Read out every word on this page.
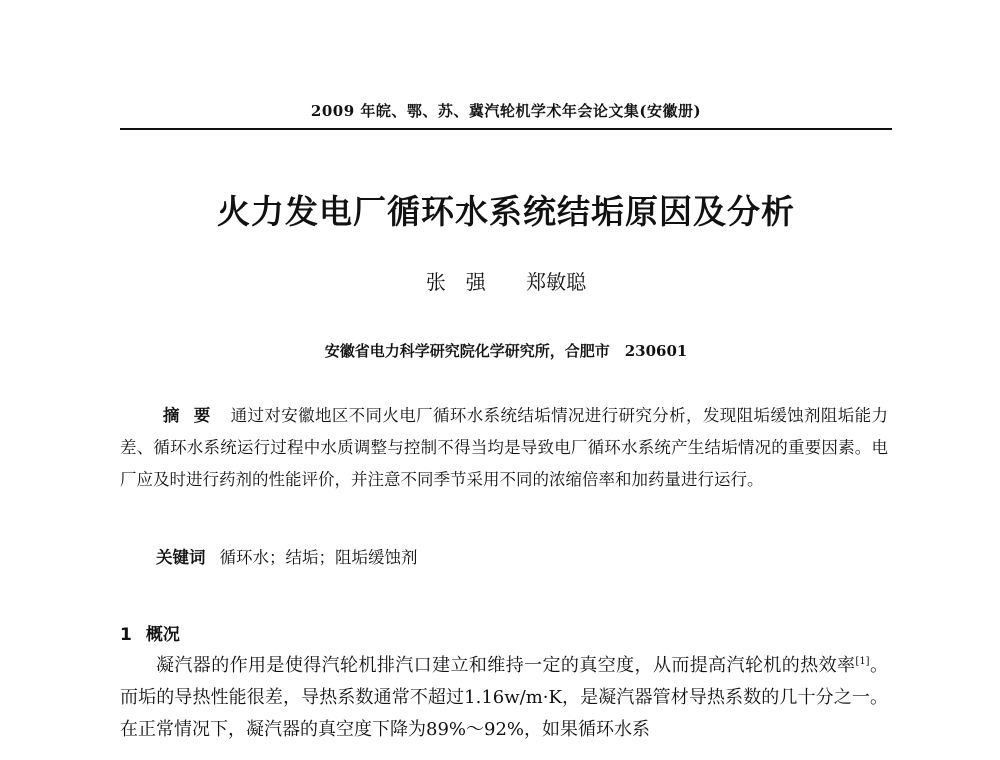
2009 年皖、鄂、苏、冀汽轮机学术年会论文集(安徽册)
火力发电厂循环水系统结垢原因及分析
张　强 郑敏聪
安徽省电力科学研究院化学研究所，合肥市　230601

摘要 通过对安徽地区不同火电厂循环水系统结垢情况进行研究分析，发现阻垢缓蚀剂阻垢能力差、循环水系统运行过程中水质调整与控制不得当均是导致电厂循环水系统产生结垢情况的重要因素。电厂应及时进行药剂的性能评价，并注意不同季节采用不同的浓缩倍率和加药量进行运行。

关键词 循环水；结垢；阻垢缓蚀剂
1 概况

凝汽器的作用是使得汽轮机排汽口建立和维持一定的真空度，从而提高汽轮机的热效率[1]。而垢的导热性能很差，导热系数通常不超过1.16w/m·K，是凝汽器管材导热系数的几十分之一。在正常情况下，凝汽器的真空度下降为89%～92%，如果循环水系
